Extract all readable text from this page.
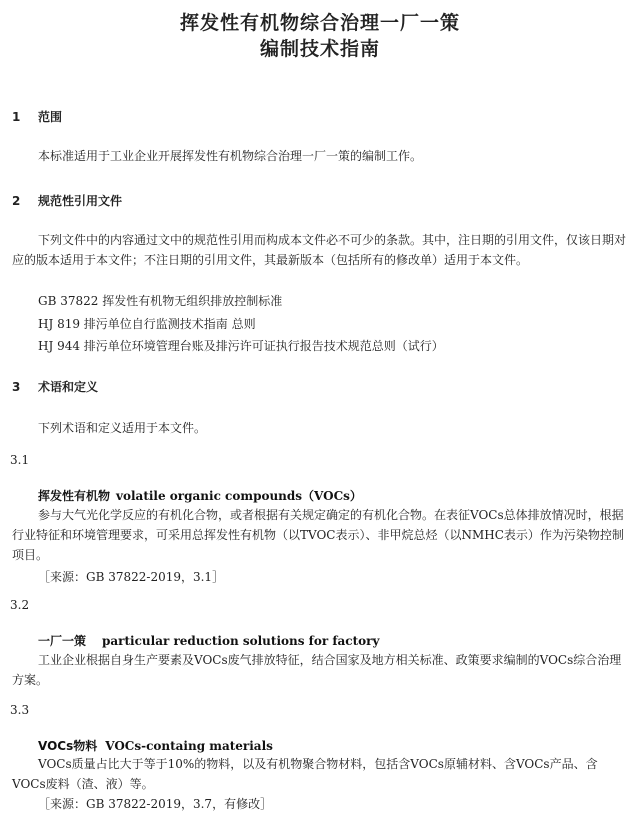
挥发性有机物综合治理一厂一策
编制技术指南
1 范围
本标准适用于工业企业开展挥发性有机物综合治理一厂一策的编制工作。
2 规范性引用文件
下列文件中的内容通过文中的规范性引用而构成本文件必不可少的条款。其中，注日期的引用文件，仅该日期对应的版本适用于本文件；不注日期的引用文件，其最新版本（包括所有的修改单）适用于本文件。
GB 37822 挥发性有机物无组织排放控制标准
HJ 819 排污单位自行监测技术指南 总则
HJ 944 排污单位环境管理台账及排污许可证执行报告技术规范总则（试行）
3 术语和定义
下列术语和定义适用于本文件。
3.1
挥发性有机物 volatile organic compounds（VOCs）
参与大气光化学反应的有机化合物，或者根据有关规定确定的有机化合物。在表征VOCs总体排放情况时，根据行业特征和环境管理要求，可采用总挥发性有机物（以TVOC表示）、非甲烷总烃（以NMHC表示）作为污染物控制项目。
［来源：GB 37822-2019，3.1］
3.2
一厂一策 particular reduction solutions for factory
工业企业根据自身生产要素及VOCs废气排放特征，结合国家及地方相关标准、政策要求编制的VOCs综合治理方案。
3.3
VOCs物料 VOCs-containg materials
VOCs质量占比大于等于10%的物料，以及有机物聚合物材料，包括含VOCs原辅材料、含VOCs产品、含VOCs废料（渣、液）等。
［来源：GB 37822-2019，3.7，有修改］
